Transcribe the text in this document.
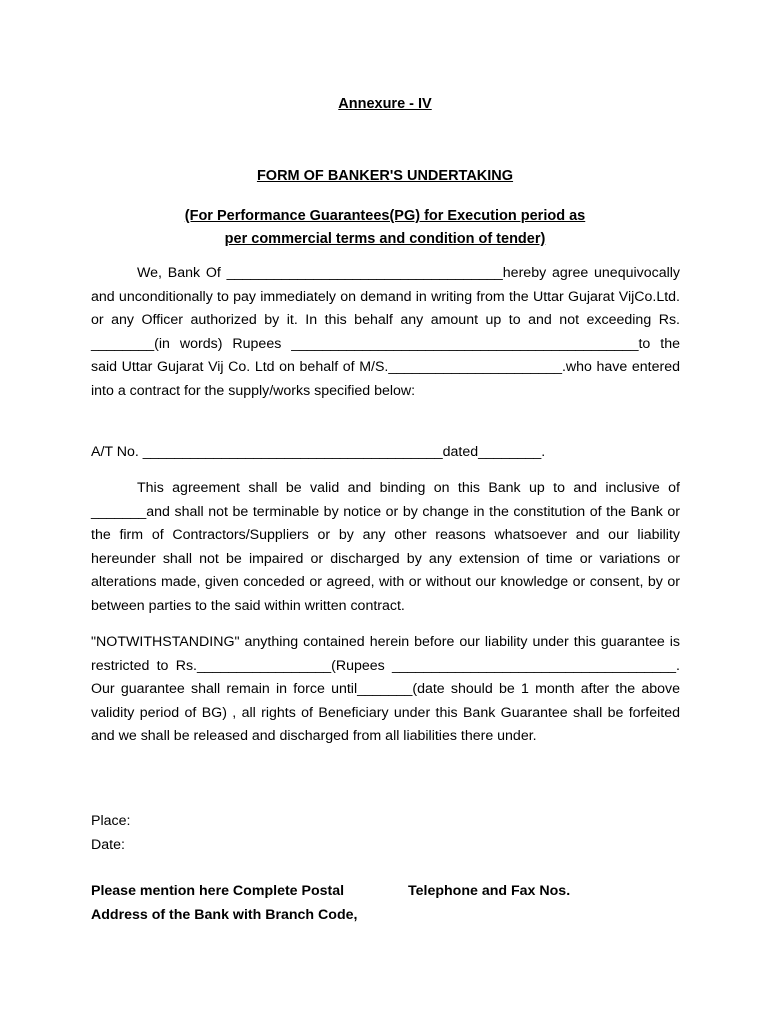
Annexure - IV
FORM OF BANKER'S UNDERTAKING
(For Performance Guarantees(PG) for Execution period as
per commercial terms and condition of tender)

We, Bank Of ___________________________________hereby agree unequivocally and unconditionally to pay immediately on demand in writing from the Uttar Gujarat VijCo.Ltd. or any Officer authorized by it. In this behalf any amount up to and not exceeding Rs. ________(in words) Rupees ____________________________________________to the said Uttar Gujarat Vij Co. Ltd on behalf of M/S.______________________.who have entered into a contract for the supply/works specified below:

A/T No. ______________________________________dated________.

This agreement shall be valid and binding on this Bank up to and inclusive of _______and shall not be terminable by notice or by change in the constitution of the Bank or the firm of Contractors/Suppliers or by any other reasons whatsoever and our liability hereunder shall not be impaired or discharged by any extension of time or variations or alterations made, given conceded or agreed, with or without our knowledge or consent, by or between parties to the said within written contract.

"NOTWITHSTANDING" anything contained herein before our liability under this guarantee is restricted to Rs._________________(Rupees ____________________________________. Our guarantee shall remain in force until_______(date should be 1 month after the above validity period of BG) , all rights of Beneficiary under this Bank Guarantee shall be forfeited and we shall be released and discharged from all liabilities there under.

Place:
Date:
Please mention here Complete Postal
Address of the Bank with Branch Code,
Telephone and Fax Nos.
